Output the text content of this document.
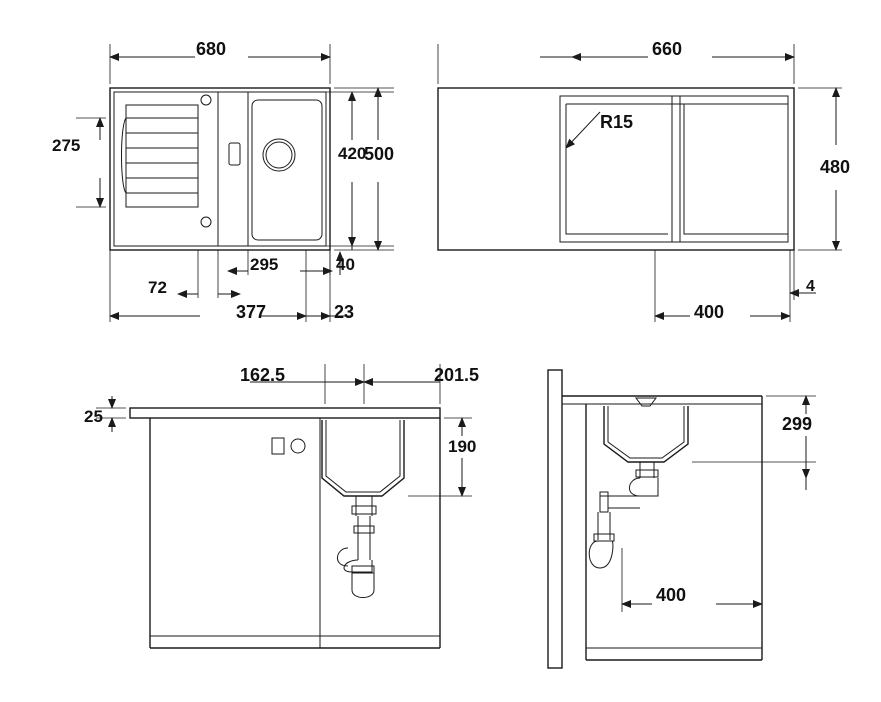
680
275
295
72
377	23
420
500
40
660
480
R15
400
4
162.5	201.5
25
190
299
400
